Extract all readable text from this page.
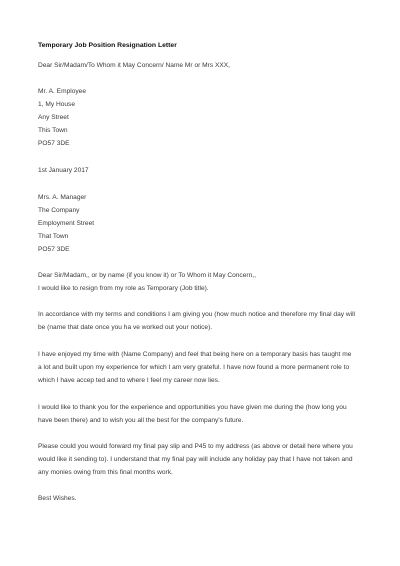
Temporary Job Position Resignation Letter
Dear Sir/Madam/To Whom it May Concern/ Name Mr or Mrs XXX,
Mr. A. Employee
1, My House
Any Street
This Town
PO57 3DE
1st January 2017
Mrs. A. Manager
The Company
Employment Street
That Town
PO57 3DE
Dear Sir/Madam,, or by name (if you know it) or To Whom it May Concern,,
I would like to resign from my role as Temporary (Job title).
In accordance with my terms and conditions I am giving you (how much notice and therefore my final day will
be (name that date once you ha ve worked out your notice).
I have enjoyed my time with (Name Company) and feel that being here on a temporary basis has taught me
a lot and built upon my experience for which I am very grateful. I have now found a more permanent role to
which I have accep ted and to where I feel my career now lies.
I would like to thank you for the experience and opportunities you have given me during the (how long you
have been there) and to wish you all the best for the company's future.
Please could you would forward my final pay slip and P45 to my address (as above or detail here where you
would like it sending to). I understand that my final pay will include any holiday pay that I have not taken and
any monies owing from this final months work.
Best Wishes.
